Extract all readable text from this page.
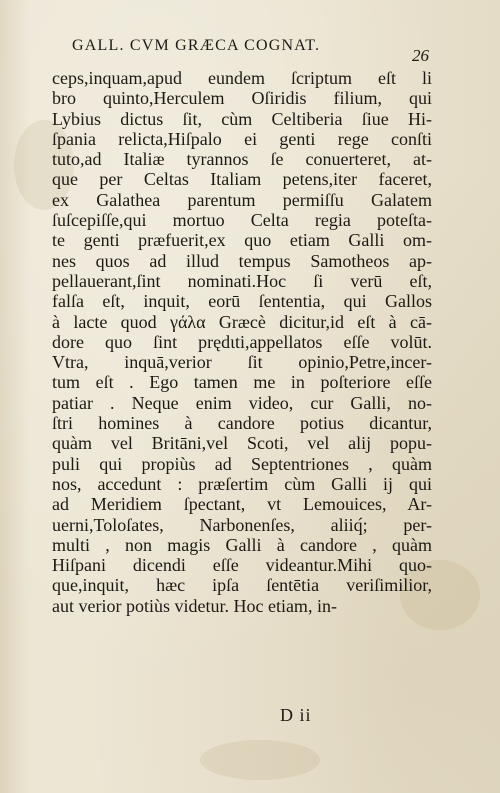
GALL. CVM GRÆCA COGNAT.
26
ceps,inquam,apud eundem ſcriptum eſt li
bro quinto,Herculem Oſiridis filium, qui
Lybius dictus ſit, cùm Celtiberia ſiue Hi-
ſpania relicta,Hiſpalo ei genti rege conſti
tuto,ad Italiæ tyrannos ſe conuerteret, at-
que per Celtas Italiam petens,iter faceret,
ex Galathea parentum permiſſu Galatem
ſuſcepiſſe,qui mortuo Celta regia poteſta-
te genti præfuerit,ex quo etiam Galli om-
nes quos ad illud tempus Samotheos ap-
pellauerant,ſint nominati.Hoc ſi verū eſt,
falſa eſt, inquit, eorū ſententia, qui Gallos
à lacte quod γάλα Græcè dicitur,id eſt à cā-
dore quo ſint prędιti,appellatos eſſe volūt.
Vtra, inquā,verior ſit opinio,Petre,incer-
tum eſt . Ego tamen me in poſteriore eſſe
patiar . Neque enim video, cur Galli, no-
ſtri homines à candore potius dicantur,
quàm vel Britāni,vel Scoti, vel alij popu-
puli qui propiùs ad Septentriones , quàm
nos, accedunt : præſertim cùm Galli ij qui
ad Meridiem ſpectant, vt Lemouices, Ar-
uerni,Toloſates, Narbonenſes, aliiq́; per-
multi , non magis Galli à candore , quàm
Hiſpani dicendi eſſe videantur.Mihi quo-
que,inquit, hæc ipſa ſentētia veriſimilior,
aut verior potiùs videtur. Hoc etiam, in-
D ii
